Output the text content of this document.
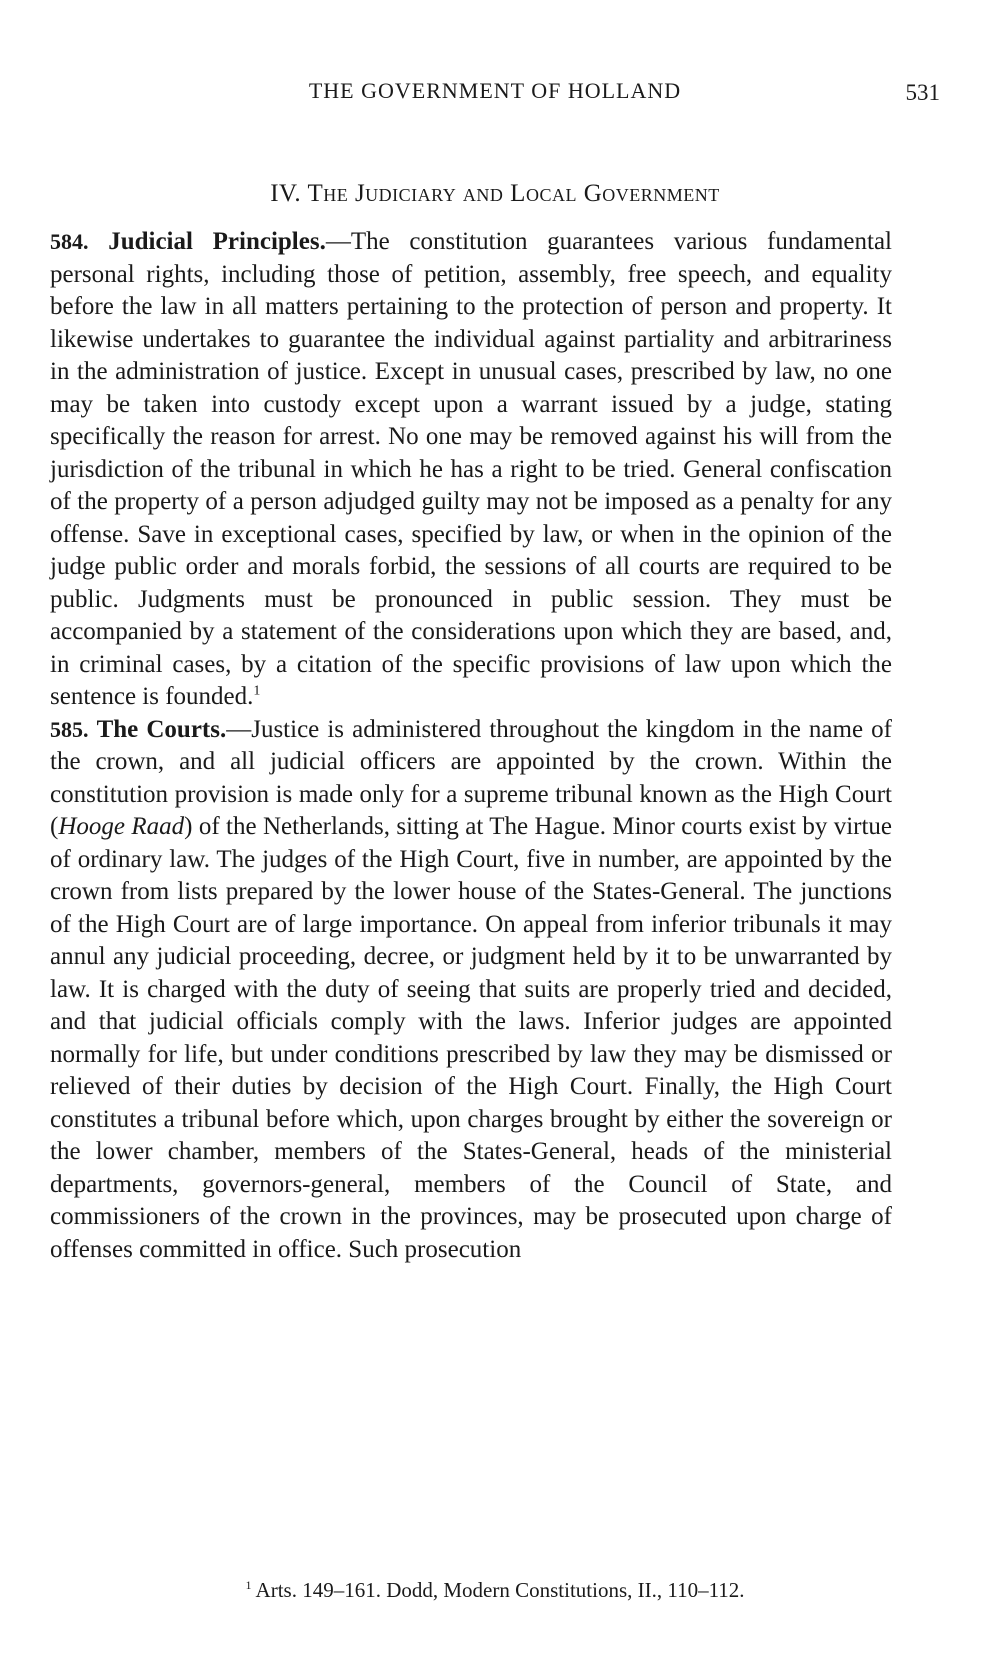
THE GOVERNMENT OF HOLLAND	531
IV. The Judiciary and Local Government

584. Judicial Principles.—The constitution guarantees various fundamental personal rights, including those of petition, assembly, free speech, and equality before the law in all matters pertaining to the protection of person and property. It likewise undertakes to guarantee the individual against partiality and arbitrariness in the administration of justice. Except in unusual cases, prescribed by law, no one may be taken into custody except upon a warrant issued by a judge, stating specifically the reason for arrest. No one may be removed against his will from the jurisdiction of the tribunal in which he has a right to be tried. General confiscation of the property of a person adjudged guilty may not be imposed as a penalty for any offense. Save in exceptional cases, specified by law, or when in the opinion of the judge public order and morals forbid, the sessions of all courts are required to be public. Judgments must be pronounced in public session. They must be accompanied by a statement of the considerations upon which they are based, and, in criminal cases, by a citation of the specific provisions of law upon which the sentence is founded.$^1$

585. The Courts.—Justice is administered throughout the kingdom in the name of the crown, and all judicial officers are appointed by the crown. Within the constitution provision is made only for a supreme tribunal known as the High Court (Hooge Raad) of the Netherlands, sitting at The Hague. Minor courts exist by virtue of ordinary law. The judges of the High Court, five in number, are appointed by the crown from lists prepared by the lower house of the States-General. The junctions of the High Court are of large importance. On appeal from inferior tribunals it may annul any judicial proceeding, decree, or judgment held by it to be unwarranted by law. It is charged with the duty of seeing that suits are properly tried and decided, and that judicial officials comply with the laws. Inferior judges are appointed normally for life, but under conditions prescribed by law they may be dismissed or relieved of their duties by decision of the High Court. Finally, the High Court constitutes a tribunal before which, upon charges brought by either the sovereign or the lower chamber, members of the States-General, heads of the ministerial departments, governors-general, members of the Council of State, and commissioners of the crown in the provinces, may be prosecuted upon charge of offenses committed in office. Such prosecution

$^1$ Arts. 149–161. Dodd, Modern Constitutions, II., 110–112.
